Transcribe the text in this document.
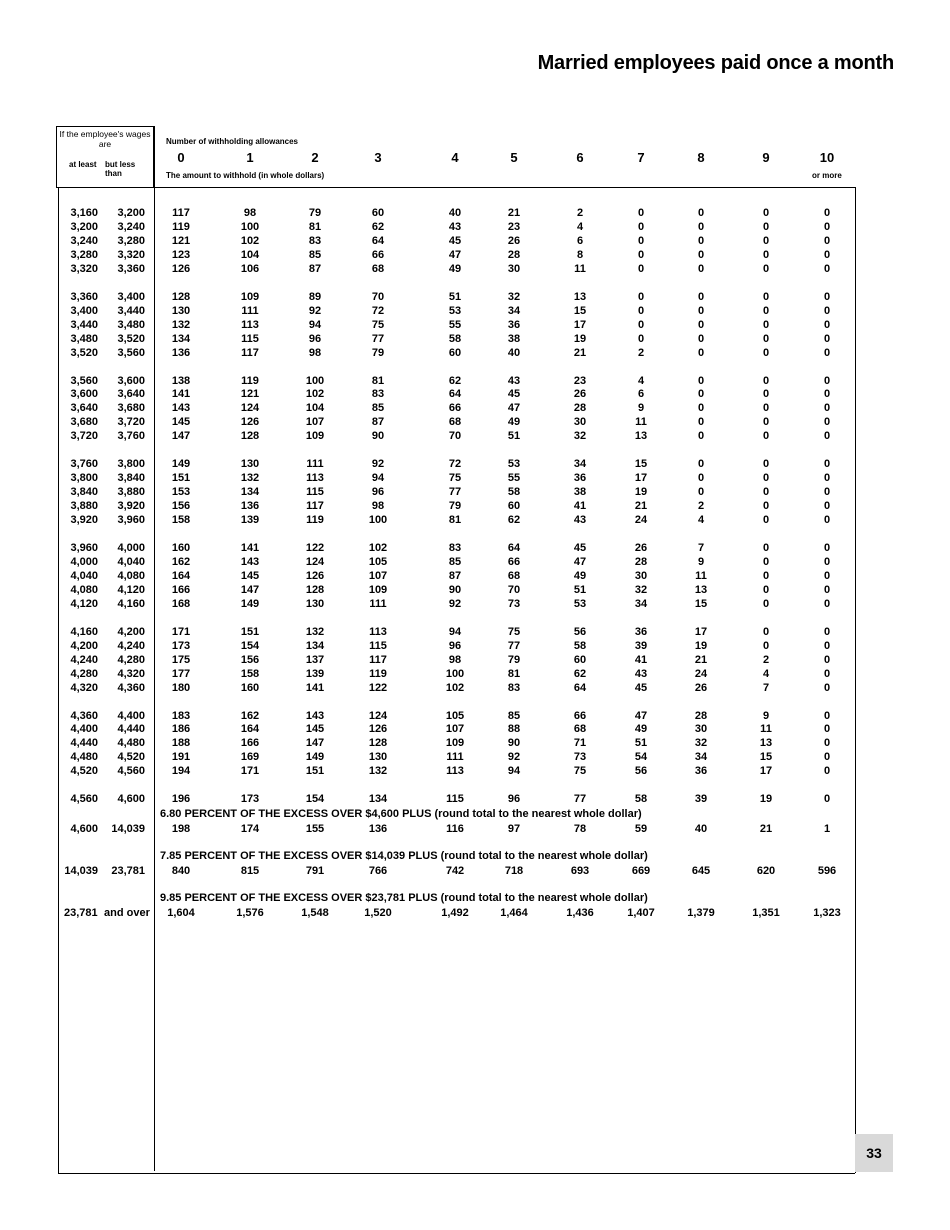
Married employees paid once a month
If the employee's wages are
at least but less than
Number of withholding allowances
The amount to withhold (in whole dollars)	or more
0	1	2	3	4	5	6	7	8	9	10
3,160 3,200 117	98	79	60	40	21	2	0	0	0	0
3,200 3,240 119	100	81	62	43	23	4	0	0	0	0
3,240 3,280 121	102	83	64	45	26	6	0	0	0	0
3,280 3,320 123	104	85	66	47	28	8	0	0	0	0
3,320 3,360 126	106	87	68	49	30	11	0	0	0	0
3,360 3,400 128	109	89	70	51	32	13	0	0	0	0
3,400 3,440 130	111	92	72	53	34	15	0	0	0	0
3,440 3,480 132	113	94	75	55	36	17	0	0	0	0
3,480 3,520 134	115	96	77	58	38	19	0	0	0	0
3,520 3,560 136	117	98	79	60	40	21	2	0	0	0
3,560 3,600 138	119	100	81	62	43	23	4	0	0	0
3,600 3,640 141	121	102	83	64	45	26	6	0	0	0
3,640 3,680 143	124	104	85	66	47	28	9	0	0	0
3,680 3,720 145	126	107	87	68	49	30	11	0	0	0
3,720 3,760 147	128	109	90	70	51	32	13	0	0	0
3,760 3,800 149	130	111	92	72	53	34	15	0	0	0
3,800 3,840 151	132	113	94	75	55	36	17	0	0	0
3,840 3,880 153	134	115	96	77	58	38	19	0	0	0
3,880 3,920 156	136	117	98	79	60	41	21	2	0	0
3,920 3,960 158	139	119	100	81	62	43	24	4	0	0
3,960 4,000 160	141	122	102	83	64	45	26	7	0	0
4,000 4,040 162	143	124	105	85	66	47	28	9	0	0
4,040 4,080 164	145	126	107	87	68	49	30	11	0	0
4,080 4,120 166	147	128	109	90	70	51	32	13	0	0
4,120 4,160 168	149	130	111	92	73	53	34	15	0	0
4,160 4,200 171	151	132	113	94	75	56	36	17	0	0
4,200 4,240 173	154	134	115	96	77	58	39	19	0	0
4,240 4,280 175	156	137	117	98	79	60	41	21	2	0
4,280 4,320 177	158	139	119	100	81	62	43	24	4	0
4,320 4,360 180	160	141	122	102	83	64	45	26	7	0
4,360 4,400 183	162	143	124	105	85	66	47	28	9	0
4,400 4,440 186	164	145	126	107	88	68	49	30	11	0
4,440 4,480 188	166	147	128	109	90	71	51	32	13	0
4,480 4,520 191	169	149	130	111	92	73	54	34	15	0
4,520 4,560 194	171	151	132	113	94	75	56	36	17	0
4,560 4,600 196	173	154	134	115	96	77	58	39	19	0
6.80 PERCENT OF THE EXCESS OVER $4,600 PLUS (round total to the nearest whole dollar)
4,600 14,039 198	174	155	136	116	97	78	59	40	21	1
7.85 PERCENT OF THE EXCESS OVER $14,039 PLUS (round total to the nearest whole dollar)
14,039 23,781 840	815	791	766	742	718	693	669	645	620	596
9.85 PERCENT OF THE EXCESS OVER $23,781 PLUS (round total to the nearest whole dollar)
23,781 and over 1,604	1,576	1,548	1,520	1,492	1,464	1,436	1,407	1,379	1,351	1,323
33
